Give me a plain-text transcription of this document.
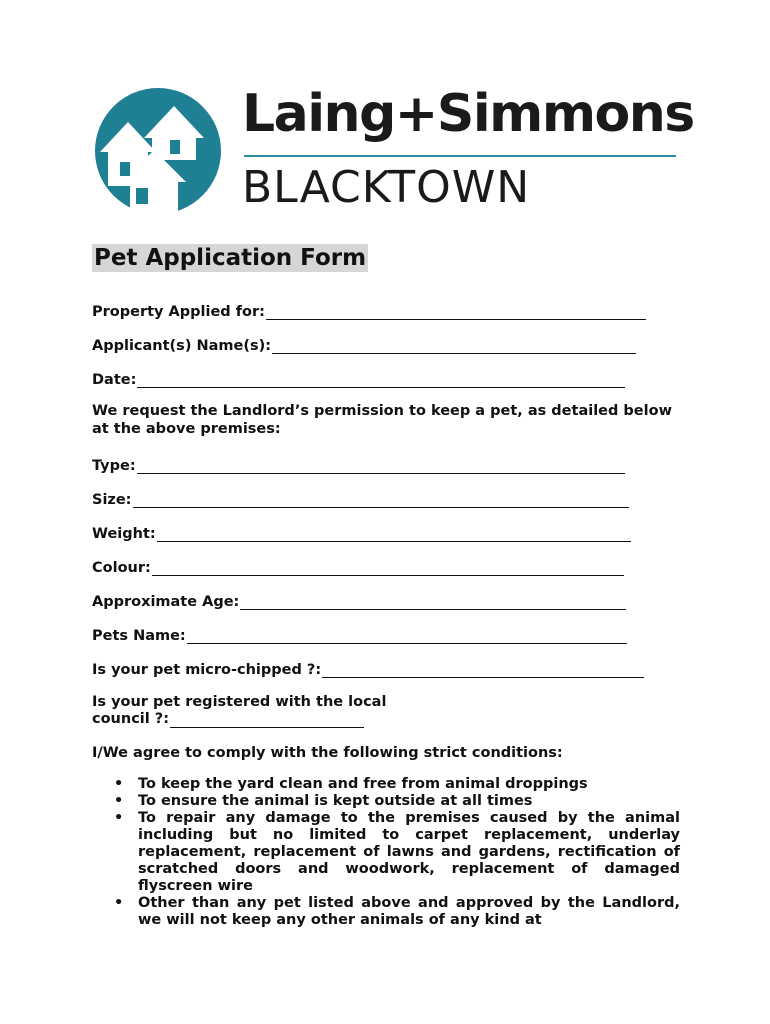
Laing+Simmons
BLACKTOWN
Pet Application Form
Property Applied for:
Applicant(s) Name(s):
Date:
We request the Landlord’s permission to keep a pet, as detailed below at the above premises:
Type:
Size:
Weight:
Colour:
Approximate Age:
Pets Name:
Is your pet micro-chipped ?:
Is your pet registered with the local
council ?:
I/We agree to comply with the following strict conditions:
• To keep the yard clean and free from animal droppings
• To ensure the animal is kept outside at all times
• To repair any damage to the premises caused by the animal including but no limited to carpet replacement, underlay replacement, replacement of lawns and gardens, rectification of scratched doors and woodwork, replacement of damaged flyscreen wire
• Other than any pet listed above and approved by the Landlord, we will not keep any other animals of any kind at
